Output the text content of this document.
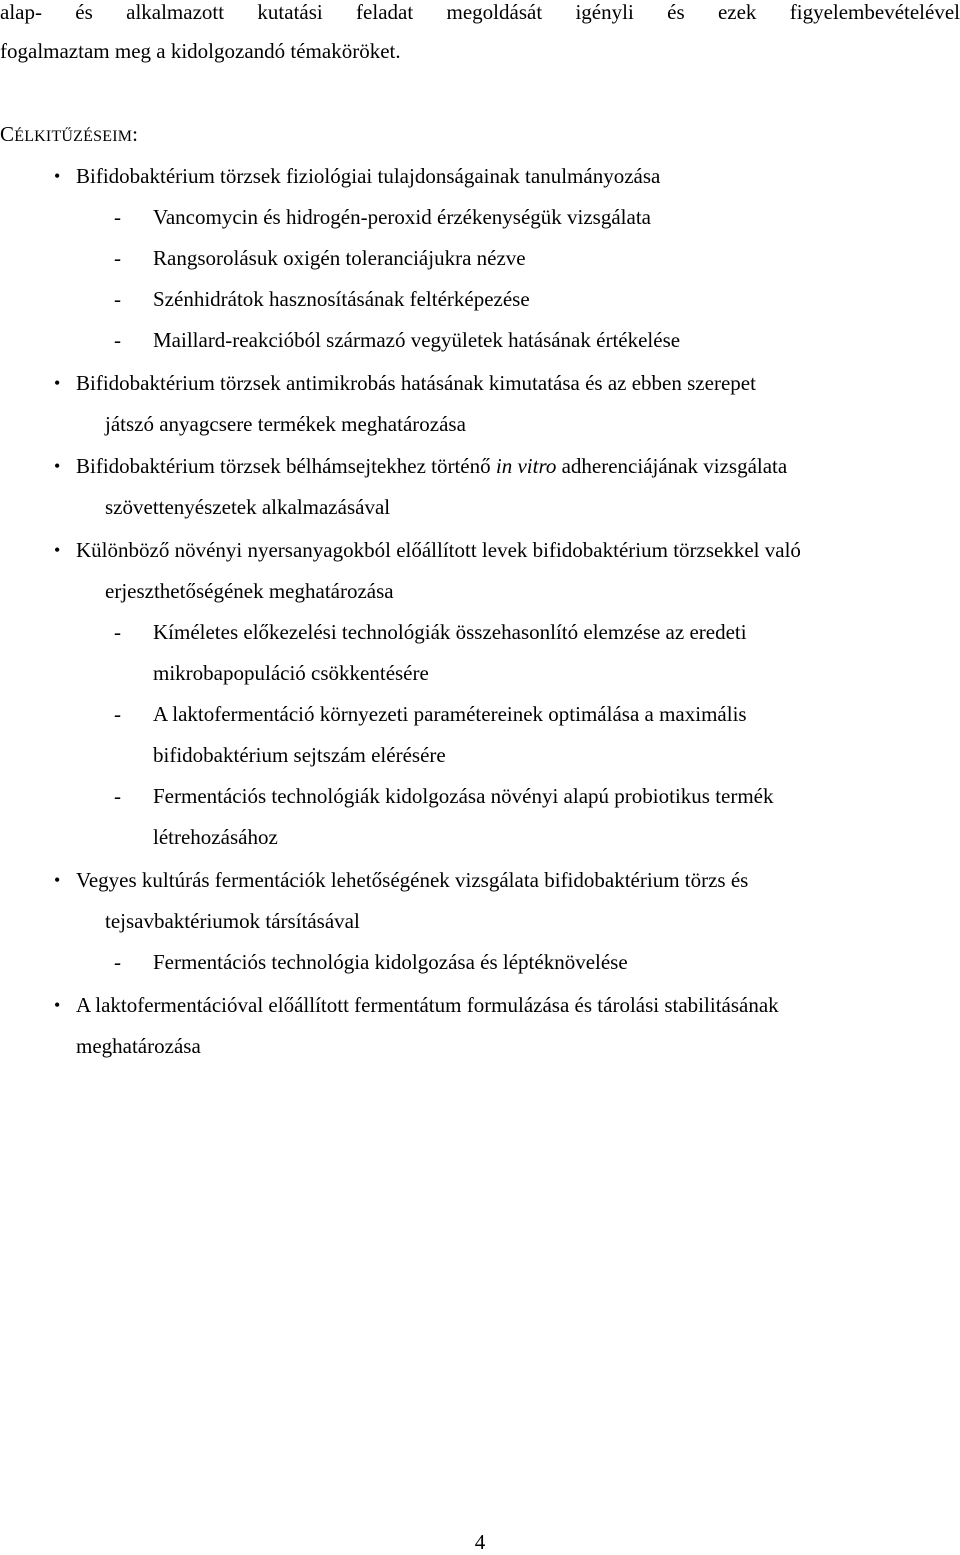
alap- és alkalmazott kutatási feladat megoldását igényli és ezek figyelembevételével
fogalmaztam meg a kidolgozandó témaköröket.
CÉLKITŰZÉSEIM:
• Bifidobaktérium törzsek fiziológiai tulajdonságainak tanulmányozása
- Vancomycin és hidrogén-peroxid érzékenységük vizsgálata
- Rangsorolásuk oxigén toleranciájukra nézve
- Szénhidrátok hasznosításának feltérképezése
- Maillard-reakcióból származó vegyületek hatásának értékelése
• Bifidobaktérium törzsek antimikrobás hatásának kimutatása és az ebben szerepet
játszó anyagcsere termékek meghatározása
• Bifidobaktérium törzsek bélhámsejtekhez történő in vitro adherenciájának vizsgálata
szövettenyészetek alkalmazásával
• Különböző növényi nyersanyagokból előállított levek bifidobaktérium törzsekkel való
erjeszthetőségének meghatározása
- Kíméletes előkezelési technológiák összehasonlító elemzése az eredeti
mikrobapopuláció csökkentésére
- A laktofermentáció környezeti paramétereinek optimálása a maximális
bifidobaktérium sejtszám elérésére
- Fermentációs technológiák kidolgozása növényi alapú probiotikus termék
létrehozásához
• Vegyes kultúrás fermentációk lehetőségének vizsgálata bifidobaktérium törzs és
tejsavbaktériumok társításával
- Fermentációs technológia kidolgozása és léptéknövelése
• A laktofermentációval előállított fermentátum formulázása és tárolási stabilitásának
meghatározása
4
